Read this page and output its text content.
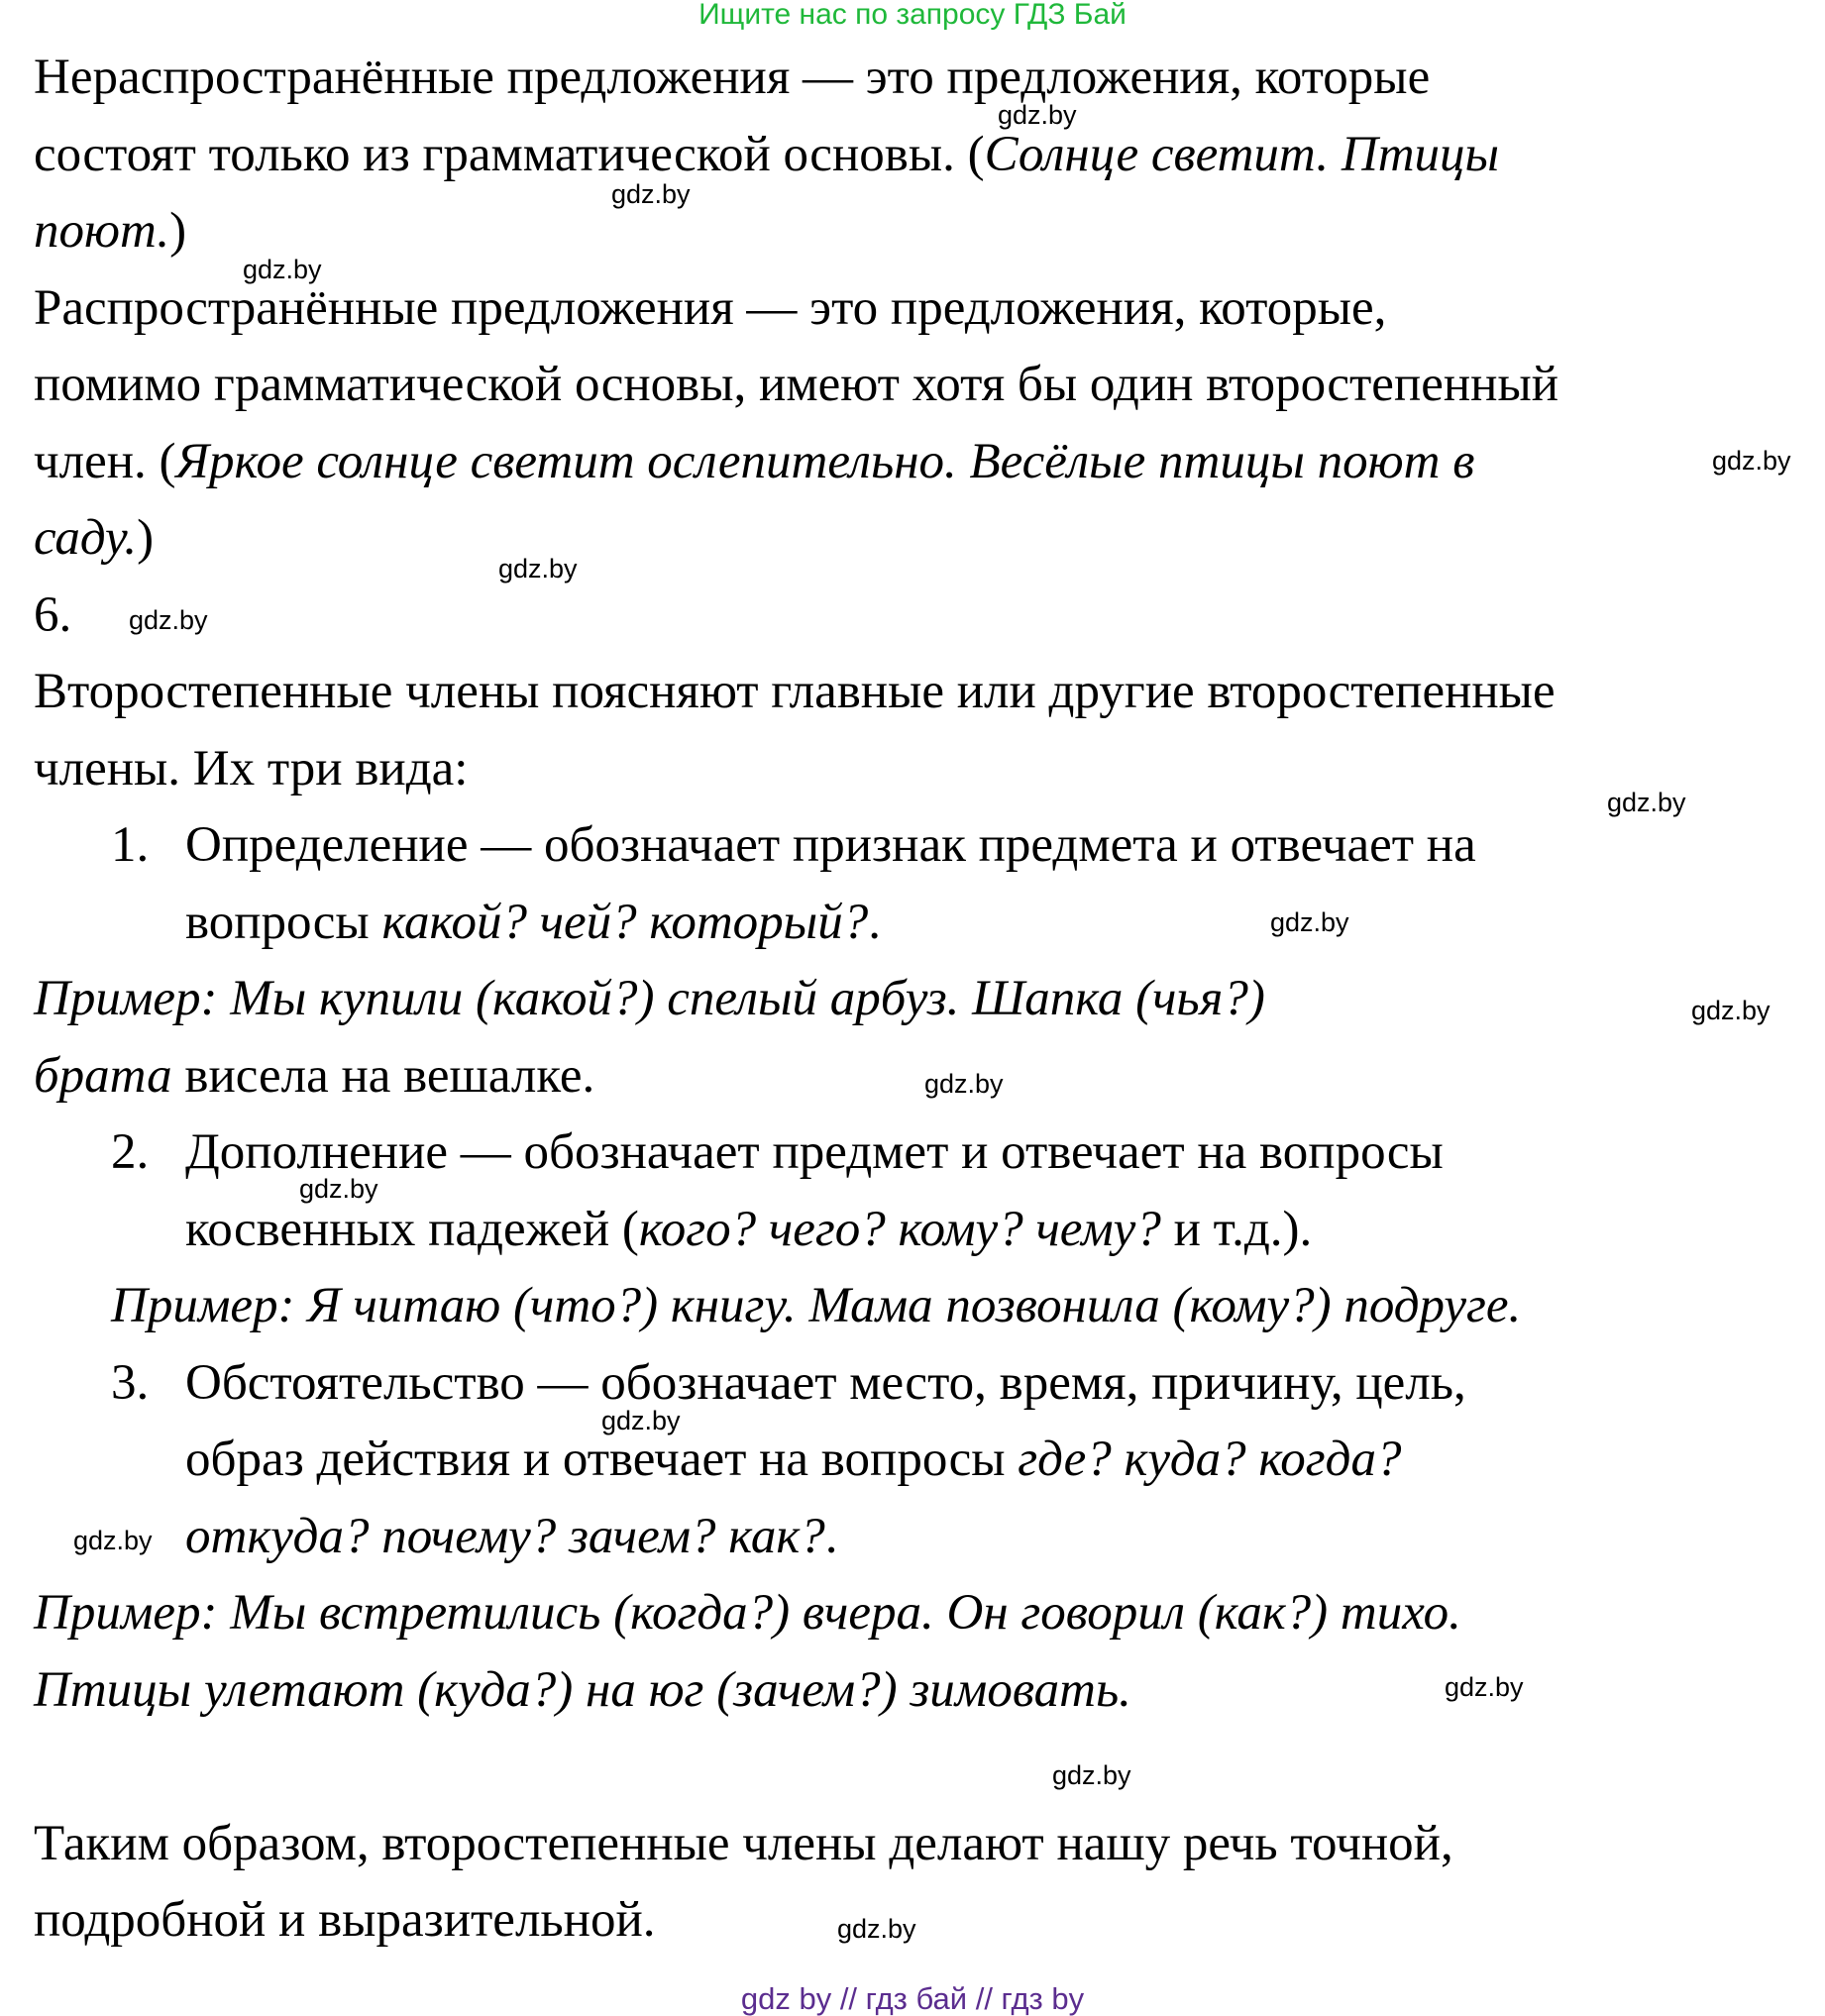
Ищите нас по запросу ГДЗ Бай
Нераспространённые предложения — это предложения, которые
состоят только из грамматической основы. (Солнце светит. Птицы
поют.)
Распространённые предложения — это предложения, которые,
помимо грамматической основы, имеют хотя бы один второстепенный
член. (Яркое солнце светит ослепительно. Весёлые птицы поют в
саду.)
6.
Второстепенные члены поясняют главные или другие второстепенные
члены. Их три вида:
1. Определение — обозначает признак предмета и отвечает на
вопросы какой? чей? который?.
Пример: Мы купили (какой?) спелый арбуз. Шапка (чья?)
брата висела на вешалке.
2. Дополнение — обозначает предмет и отвечает на вопросы
косвенных падежей (кого? чего? кому? чему? и т.д.).
Пример: Я читаю (что?) книгу. Мама позвонила (кому?) подруге.
3. Обстоятельство — обозначает место, время, причину, цель,
образ действия и отвечает на вопросы где? куда? когда?
откуда? почему? зачем? как?.
Пример: Мы встретились (когда?) вчера. Он говорил (как?) тихо.
Птицы улетают (куда?) на юг (зачем?) зимовать.
Таким образом, второстепенные члены делают нашу речь точной,
подробной и выразительной.
gdz.by
gdz.by
gdz.by
gdz.by
gdz.by
gdz.by
gdz.by
gdz.by
gdz.by
gdz.by
gdz.by
gdz.by
gdz.by
gdz.by
gdz.by
gdz.by
gdz by // гдз бай // гдз by
